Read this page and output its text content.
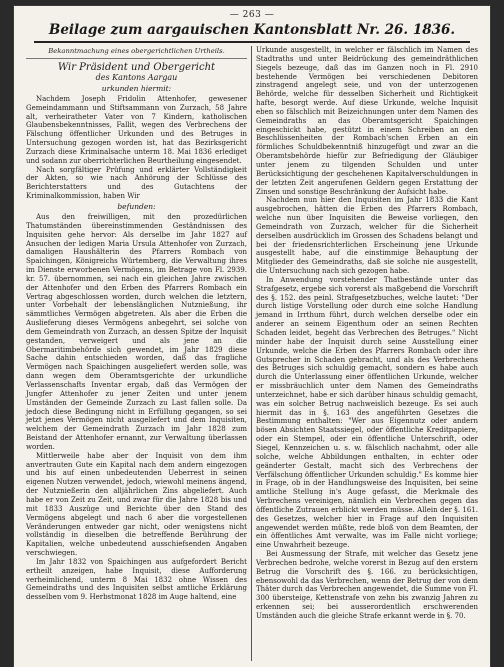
— 263 —
Beilage zum aargauischen Kantonsblatt Nr. 26. 1836.
Bekanntmachung eines obergerichtlichen Urtheils.
Wir Präsident und Obergericht
des Kantons Aargau
urkunden hiermit:

Nachdem Joseph Fridolin Attenhofer, gewesener Gemeindammann und Stiftsammann von Zurzach, 58 Jahre alt, verheiratheter Vater von 7 Kindern, katholischen Glaubensbekenntnisses, Fallit, wegen des Verbrechens der Fälschung öffentlicher Urkunden und des Betruges in Untersuchung gezogen worden ist, hat das Bezirksgericht Zurzach diese Kriminalsache unterm 18. Mai 1836 erlediget und sodann zur oberrichterlichen Beurtheilung eingesendet.

Nach sorgfältiger Prüfung und erklärter Vollständigkeit der Akten, so wie nach Anhörung der Schlüsse des Berichterstatters und des Gutachtens der Kriminalkommission, haben Wir

befunden:

Aus den freiwilligen, mit den prozedürlichen Thatumständen übereinstimmenden Geständnissen des Inquisiten gehe hervor: Als derselbe im Jahr 1827 auf Ansuchen der ledigen Maria Ursula Attenhofer von Zurzach, damaligen Haushälterin des Pfarrers Rombach von Spaichingen, Königreichs Würtemberg, die Verwaltung ihres im Dienste erworbenen Vermögens, im Betrage von Fl. 2939. kr. 57. übernommen, sei nach ein gleichen Jahre zwischen der Attenhofer und den Erben des Pfarrers Rombach ein Vertrag abgeschlossen worden, durch welchen die letztern, unter Vorbehalt der lebenslänglichen Nutznießung, ihr sämmtliches Vermögen abgetreten. Als aber die Erben die Auslieferung dieses Vermögens anbegehrt, sei solche von dem Gemeindrath von Zurzach, an dessen Spitze der Inquisit gestanden, verweigert und als jene an die Obermaritimbehörde sich gewendet, im Jahr 1829 diese Sache dahin entschieden worden, daß das fragliche Vermögen nach Spaichingen ausgeliefert werden solle, was dann wegen dem Oberamtsgerichte der urkundliche Verlassenschafts Inventar ergab, daß das Vermögen der Jungfer Attenhofer zu jener Zeiten und unter jenem Umständen der Gemeinde Zurzach zu Last fallen solle. Da jedoch diese Bedingung nicht in Erfüllung gegangen, so sei jetzt jenes Vermögen nicht ausgeliefert und dem Inquisiten, welchem der Gemeindrath Zurzach im Jahr 1828 zum Beistand der Attenhofer ernannt, zur Verwaltung überlassen worden.

Mittlerweile habe aber der Inquisit von dem ihm anvertrauten Gute ein Kapital nach dem andern eingezogen und bis auf einen unbedeutenden Ueberrest in seinen eigenen Nutzen verwendet, jedoch, wiewohl meinens ängend, der Nutznießerin den alljährlichen Zins abgeliefert. Auch habe er von Zeit zu Zeit, und zwar für die Jahre 1828 bis und mit 1833 Auszüge und Berichte über den Stand des Vermögens abgelegt und nach 6 aber die vorgestellenen Veränderungen entweder gar nicht, oder wenigstens nicht vollständig in dieselben die betreffende Berührung der Kapitalien, welche unbedeutend ausschiefsenden Angaben verschwiegen.

Im Jahr 1832 von Spaichingen aus aufgefordert Bericht ertheilt anzeigen, habe Inquisit, diese Aufforderung verheimlichend, unterm 8 Mai 1832 ohne Wissen des Gemeindraths und des Inquisiten selbst amtliche Erklärung desselben vom 9. Herbstmonat 1828 im Auge haltend, eine

Urkunde ausgestellt, in welcher er fälschlich im Namen des Stadtraths und unter Beidrückung des gemeindräthlichen Siegels bezeuge, daß das im Ganzen noch in Fl. 2910 bestehende Vermögen bei verschiedenen Debitoren zinstragend angelegt seie, und von der unterzogenen Behörde, welche für desselben Sicherheit und Richtigkeit hafte, besorgt werde. Auf diese Urkunde, welche Inquisit eben so fälschlich mit Beizeichnungen unter dem Namen des Gemeindraths an das Oberamtsgericht Spaichingen eingeschickt habe, gestützt in einem Schreiben an den Beschlüssenheiten der Rombach'schen Erben an ein förmliches Schuldbekenntniß hinzugefügt und zwar an die Oberamtsbehörde hiefür zur Befriedigung der Gläubiger unter jenem zu tilgenden Schulden und unter Berücksichtigung der geschehenen Kapitalverschuldungen in der letzten Zeit angerufenen Geldern gegen Erstattung der Zinsen und sonstige Beschränkung der Aufsicht habe.

Nachdem nun hier den Inquisiten im Jahr 1833 die Kant ausgebrochen, hätten die Erben des Pfarrers Rombach, welche nun über Inquisiten die Beweise vorliegen, den Gemeindrath von Zurzach, welcher für die Sicherheit derselben ausdrücklich im Grossen des Schadens belangt und bei der friedensrichterlichen Erscheinung jene Urkunde ausgestellt habe, auf die einstimmige Behauptung der Mitglieder des Gemeindraths, daß sie solche nie ausgestellt, die Untersuchung nach sich gezogen habe.

In Anwendung vorstehender Thatbestände unter das Strafgesetz, ergebe sich vorerst als maßgebend die Vorschrift des §. 152. des peinl. Strafgesetzbuches, welche lautet: "Der durch listige Vorstellung oder durch eine solche Handlung jemand in Irrthum führt, durch welchen derselbe oder ein anderer an seinem Eigenthum oder an seinen Rechten Schaden leidet, begeht das Verbrechen des Betruges." Nicht minder habe der Inquisit durch seine Ausstellung einer Urkunde, welche die Erben des Pfarrers Rombach oder ihre Gutsprecher in Schaden gebracht, und als des Verbrechens des Betruges sich schuldig gemacht, sondern es habe auch durch die Unterlassung einer öffentlichen Urkunde, welcher er missbräuchlich unter dem Namen des Gemeindraths unterzeichnet, habe er sich darüber hinaus schuldig gemacht, was ein solcher Betrug nachweislich bezeuge. Es sei auch hiermit das in §. 163 des angeführten Gesetzes die Bestimmung enthalten: "Wer aus Eigennutz oder andern bösen Absichten Staatssiegel, oder öffentliche Kreditpapiere, oder ein Stempel, oder ein öffentliche Unterschrift, oder Siegel, Kennzeichen u. s. w. fälschlich nachahmt, oder alle solche, welche Abbildungen enthalten, in echter oder geänderter Gestalt, macht sich des Verbrechens der Verfälschung öffentlicher Urkunden schuldig." Es komme hier in Frage, ob in der Handlungsweise des Inquisiten, bei seine amtliche Stellung in's Auge gefasst, die Merkmale des Verbrechens vereinigen, nämlich ein Verbrechen gegen das öffentliche Zutrauen erblickt werden müsse. Allein der §. 161. des Gesetzes, welcher hier in Frage auf den Inquisiten angewendet werden müßte, rede bloß von dem Beamten, der ein öffentliches Amt verwalte, was im Falle nicht vorliege; eine Unwahrheit bezeuge.

Bei Ausmessung der Strafe, mit welcher das Gesetz jene Verbrechen bedrohe, welche vorerst in Bezug auf den erstern Betrug die Vorschrift des §. 166. zu berücksichtigen, ebensowohl da das Verbrechen, wenn der Betrug der von dem Thäter durch das Verbrechen angewendet, die Summe von Fl. 300 übersteige, Kettenstrafe von zehn bis zwanzig Jahren zu erkennen sei; bei ausserordentlich erschwerenden Umständen auch die gleiche Strafe erkannt werde in §. 70.
